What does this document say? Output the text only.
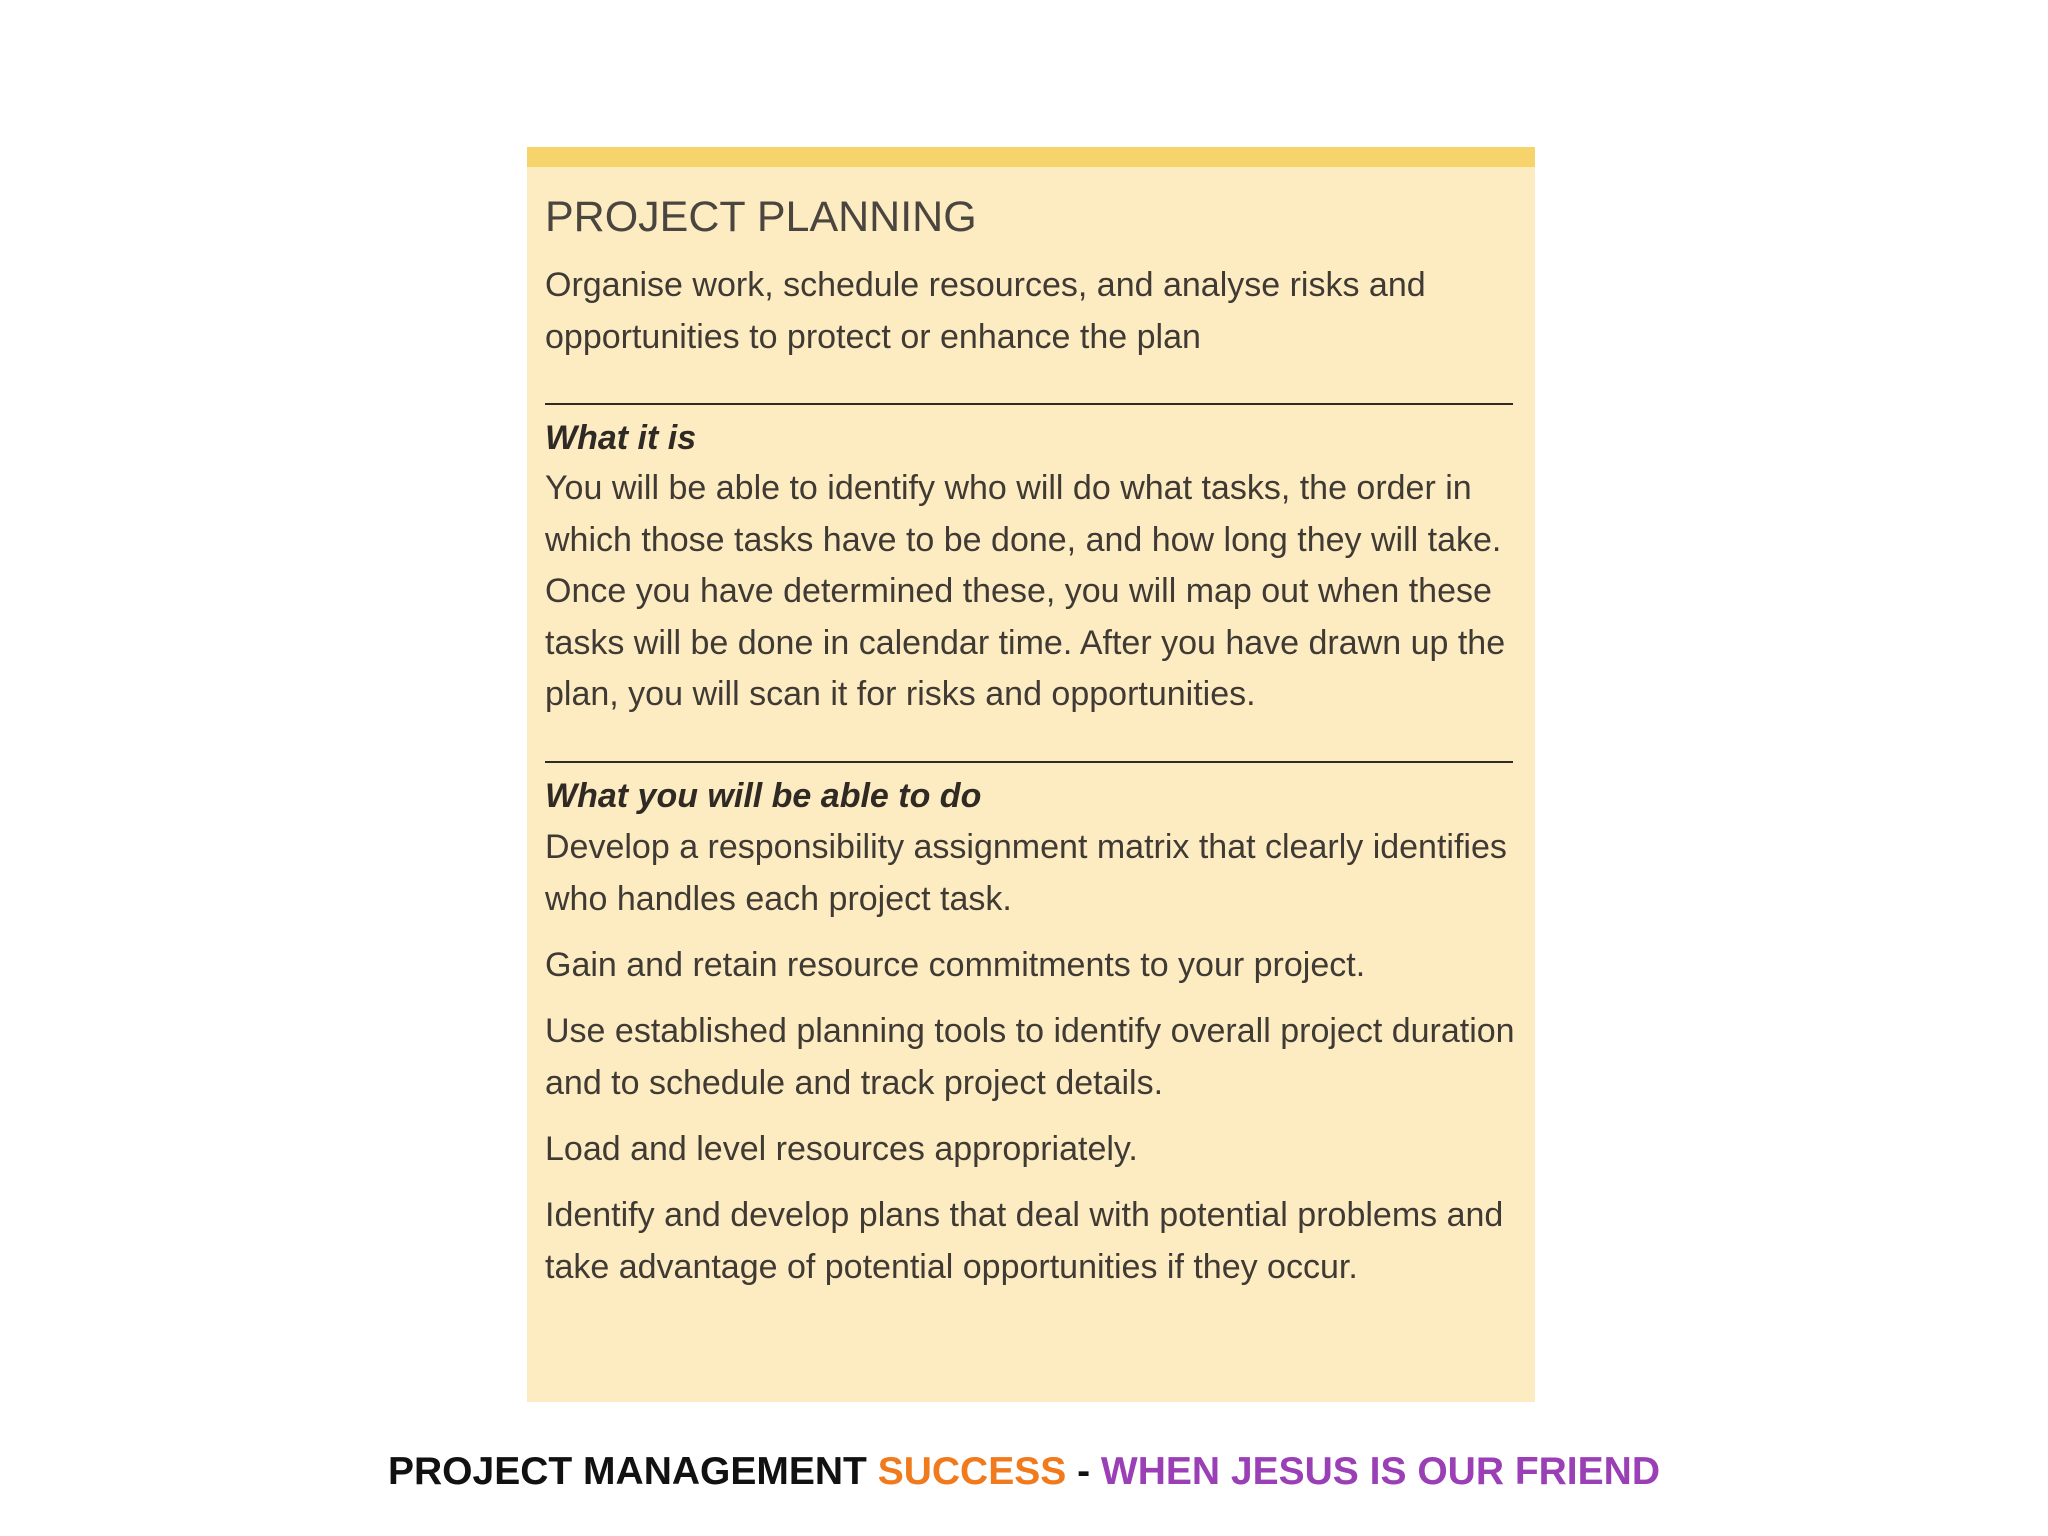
PROJECT PLANNING

Organise work, schedule resources, and analyse risks and opportunities to protect or enhance the plan

What it is

You will be able to identify who will do what tasks, the order in which those tasks have to be done, and how long they will take. Once you have determined these, you will map out when these tasks will be done in calendar time. After you have drawn up the plan, you will scan it for risks and opportunities.

What you will be able to do

Develop a responsibility assignment matrix that clearly identifies who handles each project task.
Gain and retain resource commitments to your project.
Use established planning tools to identify overall project duration and to schedule and track project details.
Load and level resources appropriately.
Identify and develop plans that deal with potential problems and take advantage of potential opportunities if they occur.
PROJECT MANAGEMENT SUCCESS - WHEN JESUS IS OUR FRIEND
